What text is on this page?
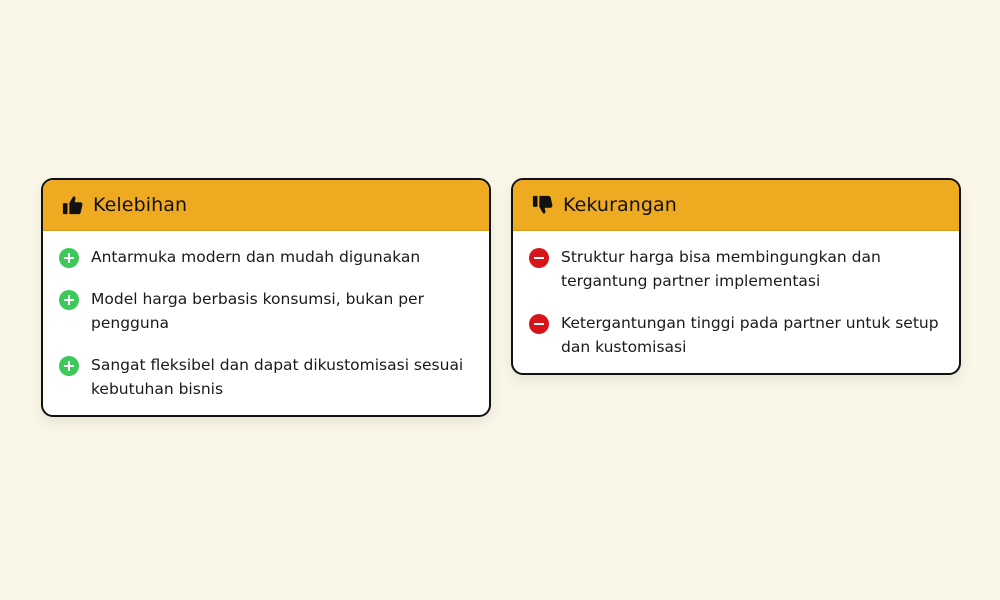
Kelebihan
Antarmuka modern dan mudah digunakan
Model harga berbasis konsumsi, bukan per pengguna
Sangat fleksibel dan dapat dikustomisasi sesuai kebutuhan bisnis
Kekurangan
Struktur harga bisa membingungkan dan tergantung partner implementasi
Ketergantungan tinggi pada partner untuk setup dan kustomisasi
